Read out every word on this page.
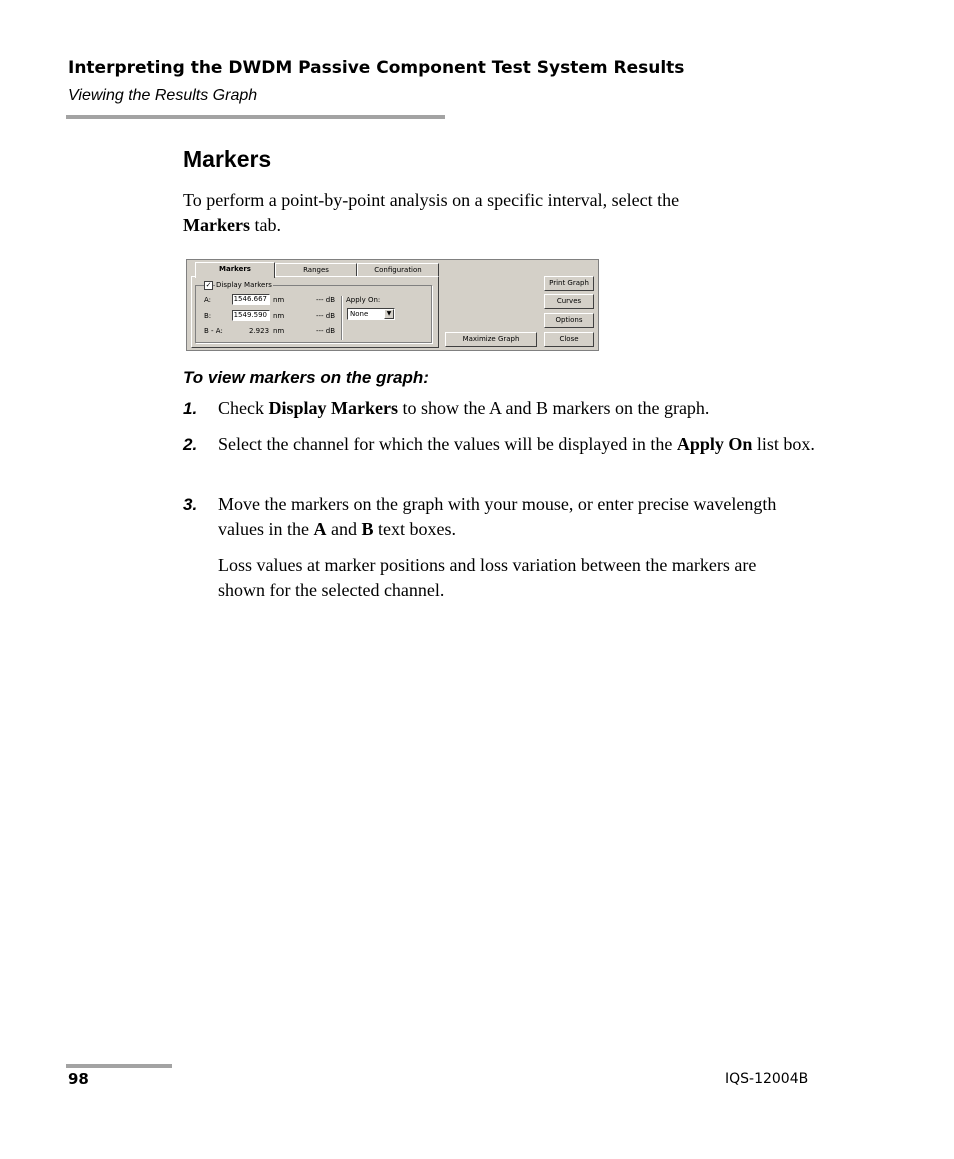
Interpreting the DWDM Passive Component Test System Results
Viewing the Results Graph
Markers
To perform a point-by-point analysis on a specific interval, select the
Markers tab.
Markers	Ranges	Configuration
✓ Display Markers
A:	1546.667 nm	--- dB
B:	1549.590 nm	--- dB
B - A:	2.923 nm	--- dB
Apply On:
None	▼
Maximize Graph
Print Graph
Curves
Options
Close
To view markers on the graph:
1. Check Display Markers to show the A and B markers on the graph.
2. Select the channel for which the values will be displayed in the Apply On list box.
3. Move the markers on the graph with your mouse, or enter precise wavelength values in the A and B text boxes.
Loss values at marker positions and loss variation between the markers are shown for the selected channel.
98	IQS-12004B
